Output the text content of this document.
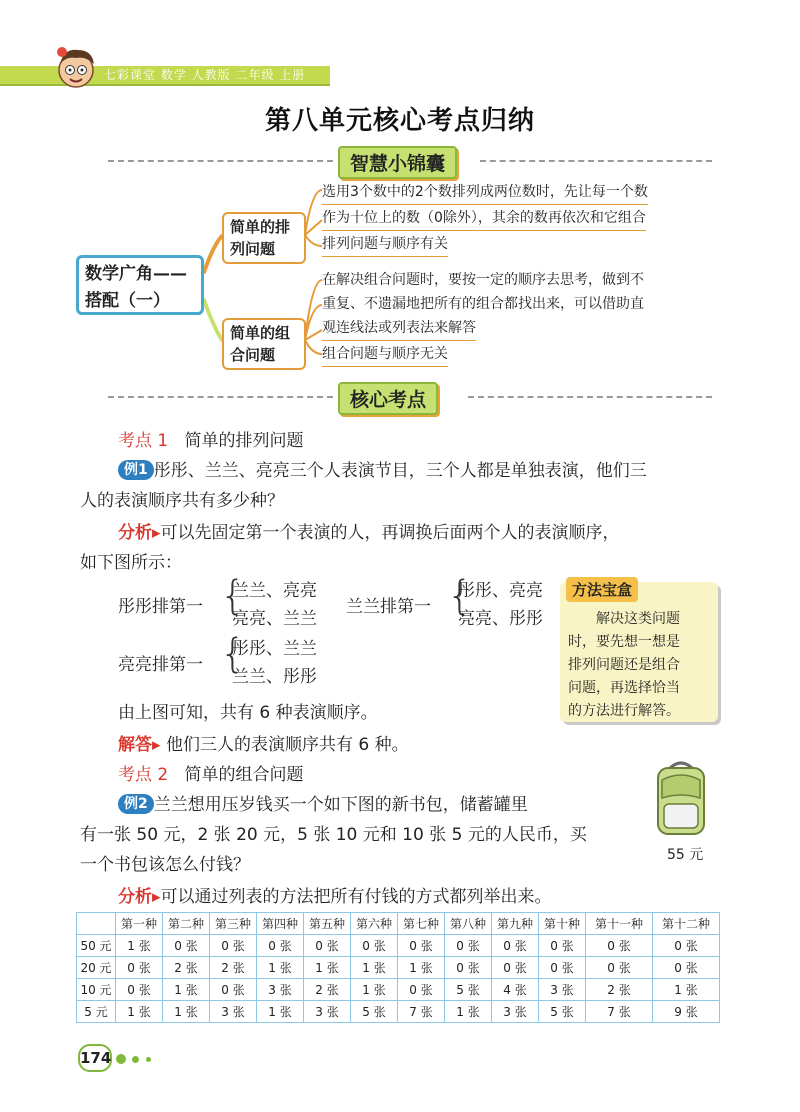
七彩课堂 数学 人教版 二年级 上册
第八单元核心考点归纳
智慧小锦囊
数学广角——
搭配（一）
简单的排
列问题
选用3个数中的2个数排列成两位数时，先让每一个数
作为十位上的数（0除外），其余的数再依次和它组合
排列问题与顺序有关
简单的组
合问题
在解决组合问题时，要按一定的顺序去思考，做到不
重复、不遗漏地把所有的组合都找出来，可以借助直
观连线法或列表法来解答
组合问题与顺序无关
核心考点
考点 1 简单的排列问题
例1 彤彤、兰兰、亮亮三个人表演节目，三个人都是单独表演，他们三
人的表演顺序共有多少种？
分析▸可以先固定第一个表演的人，再调换后面两个人的表演顺序，
如下图所示：
彤彤排第一 {
兰兰、亮亮
亮亮、兰兰
兰兰排第一 {
彤彤、亮亮
亮亮、彤彤
亮亮排第一 {
彤彤、兰兰
兰兰、彤彤
方法宝盒
解决这类问题
时，要先想一想是
排列问题还是组合
问题，再选择恰当
的方法进行解答。
由上图可知，共有 6 种表演顺序。
解答▸ 他们三人的表演顺序共有 6 种。
考点 2 简单的组合问题
例2 兰兰想用压岁钱买一个如下图的新书包，储蓄罐里
有一张 50 元，2 张 20 元，5 张 10 元和 10 张 5 元的人民币，买
一个书包该怎么付钱？	55 元
分析▸可以通过列表的方法把所有付钱的方式都列举出来。
	第一种	第二种	第三种	第四种	第五种	第六种	第七种	第八种	第九种	第十种	第十一种	第十二种
50 元	1 张	0 张	0 张	0 张	0 张	0 张	0 张	0 张	0 张	0 张	0 张	0 张
20 元	0 张	2 张	2 张	1 张	1 张	1 张	1 张	0 张	0 张	0 张	0 张	0 张
10 元	0 张	1 张	0 张	3 张	2 张	1 张	0 张	5 张	4 张	3 张	2 张	1 张
5 元	1 张	1 张	3 张	1 张	3 张	5 张	7 张	1 张	3 张	5 张	7 张	9 张
174
